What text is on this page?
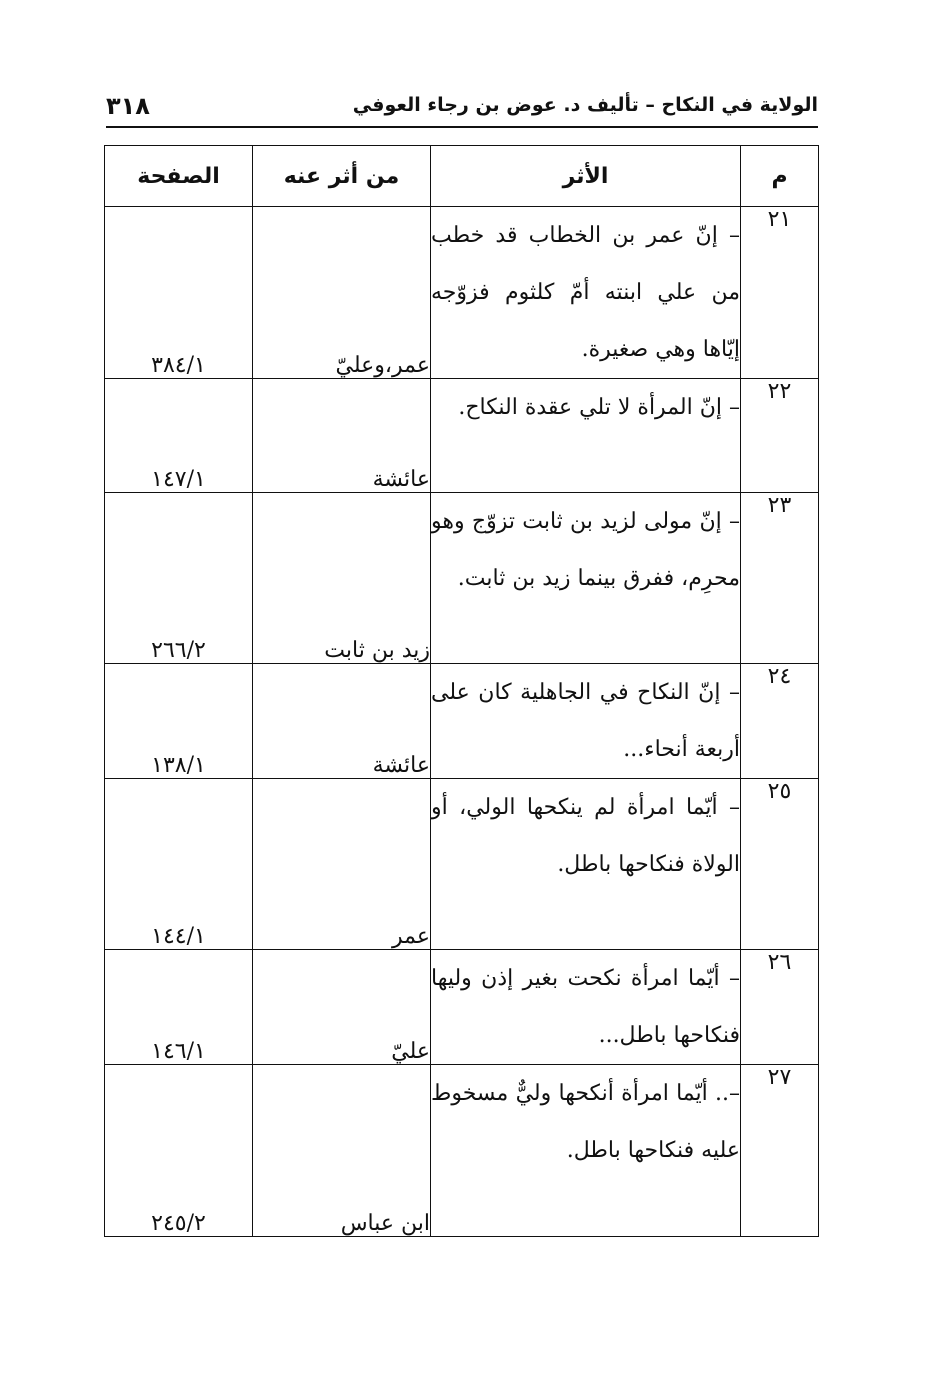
الولاية في النكاح – تأليف د. عوض بن رجاء العوفي
٣١٨
م	الأثر	من أثر عنه	الصفحة
٢١	– إنّ عمر بن الخطاب قد خطب من علي ابنته أمّ كلثوم فزوّجه إيّاها وهي صغيرة.	عمر،وعليّ	٣٨٤/١
٢٢	– إنّ المرأة لا تلي عقدة النكاح.	عائشة	١٤٧/١
٢٣	– إنّ مولى لزيد بن ثابت تزوّج وهو محرِم، ففرق بينما زيد بن ثابت.	زيد بن ثابت	٢٦٦/٢
٢٤	– إنّ النكاح في الجاهلية كان على أربعة أنحاء...	عائشة	١٣٨/١
٢٥	– أيّما امرأة لم ينكحها الولي، أو الولاة فنكاحها باطل.	عمر	١٤٤/١
٢٦	– أيّما امرأة نكحت بغير إذن وليها فنكاحها باطل...	عليّ	١٤٦/١
٢٧	–.. أيّما امرأة أنكحها وليٌّ مسخوط عليه فنكاحها باطل.	ابن عباس	٢٤٥/٢
